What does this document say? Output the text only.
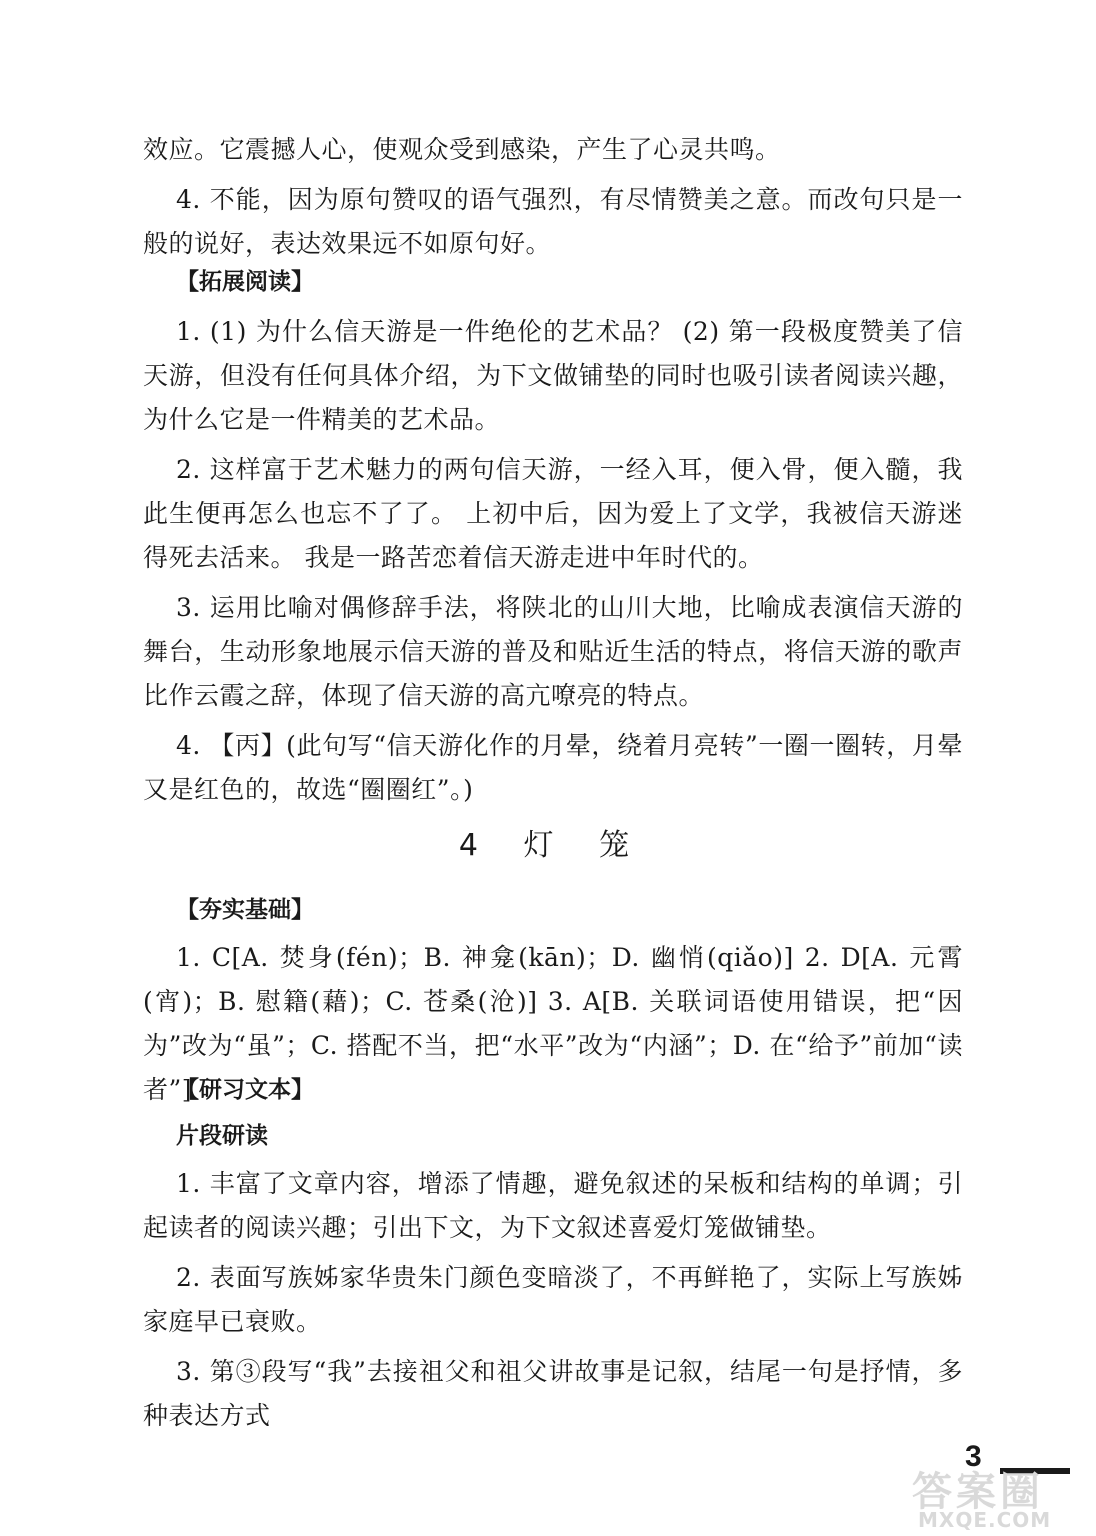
效应。它震撼人心，使观众受到感染，产生了心灵共鸣。

4. 不能，因为原句赞叹的语气强烈，有尽情赞美之意。而改句只是一般的说好，表达效果远不如原句好。

【拓展阅读】

1. (1) 为什么信天游是一件绝伦的艺术品？ (2) 第一段极度赞美了信天游，但没有任何具体介绍，为下文做铺垫的同时也吸引读者阅读兴趣，为什么它是一件精美的艺术品。

2. 这样富于艺术魅力的两句信天游，一经入耳，便入骨，便入髓，我此生便再怎么也忘不了了。 上初中后，因为爱上了文学，我被信天游迷得死去活来。 我是一路苦恋着信天游走进中年时代的。

3. 运用比喻对偶修辞手法，将陕北的山川大地，比喻成表演信天游的舞台，生动形象地展示信天游的普及和贴近生活的特点，将信天游的歌声比作云霞之辞，体现了信天游的高亢嘹亮的特点。

4. 【丙】(此句写“信天游化作的月晕，绕着月亮转”一圈一圈转，月晕又是红色的，故选“圈圈红”。)

4 灯 笼

【夯实基础】

1. C[A. 焚身(fén)；B. 神龛(kān)；D. 幽悄(qiǎo)] 2. D[A. 元霄(宵)；B. 慰籍(藉)；C. 苍桑(沧)] 3. A[B. 关联词语使用错误，把“因为”改为“虽”；C. 搭配不当，把“水平”改为“内涵”；D. 在“给予”前加“读者”]

【研习文本】

片段研读

1. 丰富了文章内容，增添了情趣，避免叙述的呆板和结构的单调；引起读者的阅读兴趣；引出下文，为下文叙述喜爱灯笼做铺垫。

2. 表面写族姊家华贵朱门颜色变暗淡了，不再鲜艳了，实际上写族姊家庭早已衰败。

3. 第③段写“我”去接祖父和祖父讲故事是记叙，结尾一句是抒情，多种表达方式

3
答案圈
MXQE.COM
